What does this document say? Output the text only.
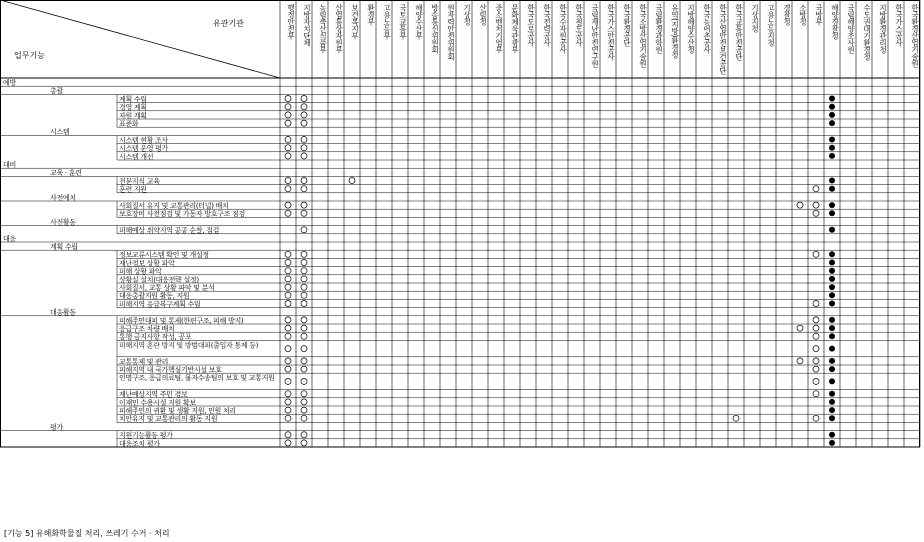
유관기관
업무기능
행정안전부 지방자치단체 농림축산식품부 산업통상자원부 보건복지부 환경부 고용노동부 국토교통부 해양수산부 방송통신위원회 원자력안전위원회 기상청 산림청 중소벤처기업부 문화체육관광부 한국도로공사 한국전력공사 한국수자원공사 한국철도공사 국립재난안전연구원 한국가스안전공사 한국환경공단 한국소방산업기술원 국립환경과학원 유역(지방)환경청 지방해양수산청 한국농어촌공사 한국산업안전보건공단 한국교통안전공단 기상지청 고용노동지청 경찰청 소방청 국방부 해양경찰청 국립해양조사원 수도권대기환경청 지방환경관리청 한국가스공사 한국환경산업기술원
예방
총괄
계획 수립
경영 계획
자원 계획
표준화
시스템
시스템 현황 조사
시스템 운영 평가
시스템 개선
대비
교육 · 훈련
전문지식 교육
훈련 지원
사전예치
사회질서 유지 및 교통관리(터널) 배치
보호장비 사전점검 및 가동자 방호구조 점검
사전활동
피해예상 취약지역 공공 순찰, 점검
대응
계획 수립
정보교류시스템 확인 및 개설정
재난정보 상황 파악
피해 상황 파악
상황실 설치(대응전략 설정)
사회질서, 교통 상황 파악 및 분석
대응총괄지원 활동, 지원
피해지역 응급복구계획 수립
대응활동
피해주민대피 및 통제(한편구조, 피해 방지)
응급구조 차량 배치
통행 금지사항 작성, 공포
피해지역 혼란 방지 및 방범대피(출입자 통제 등)
교통통제 및 관리
피해지역 내 국가핵심기반시설 보호
인명구조, 응급의료팀, 물자수송팀의 보호 및 교통지원
재난예상지역 주민 경보
이재민 수용시설 지원 확보
피해주민의 귀환 및 생활 지원, 민원 처리
치안유지 및 교통관리의 활동 지원
평가
지원기능활동 평가
대응조치 평가
[기능 5] 유해화학물질 처리, 쓰레기 수거 · 처리
